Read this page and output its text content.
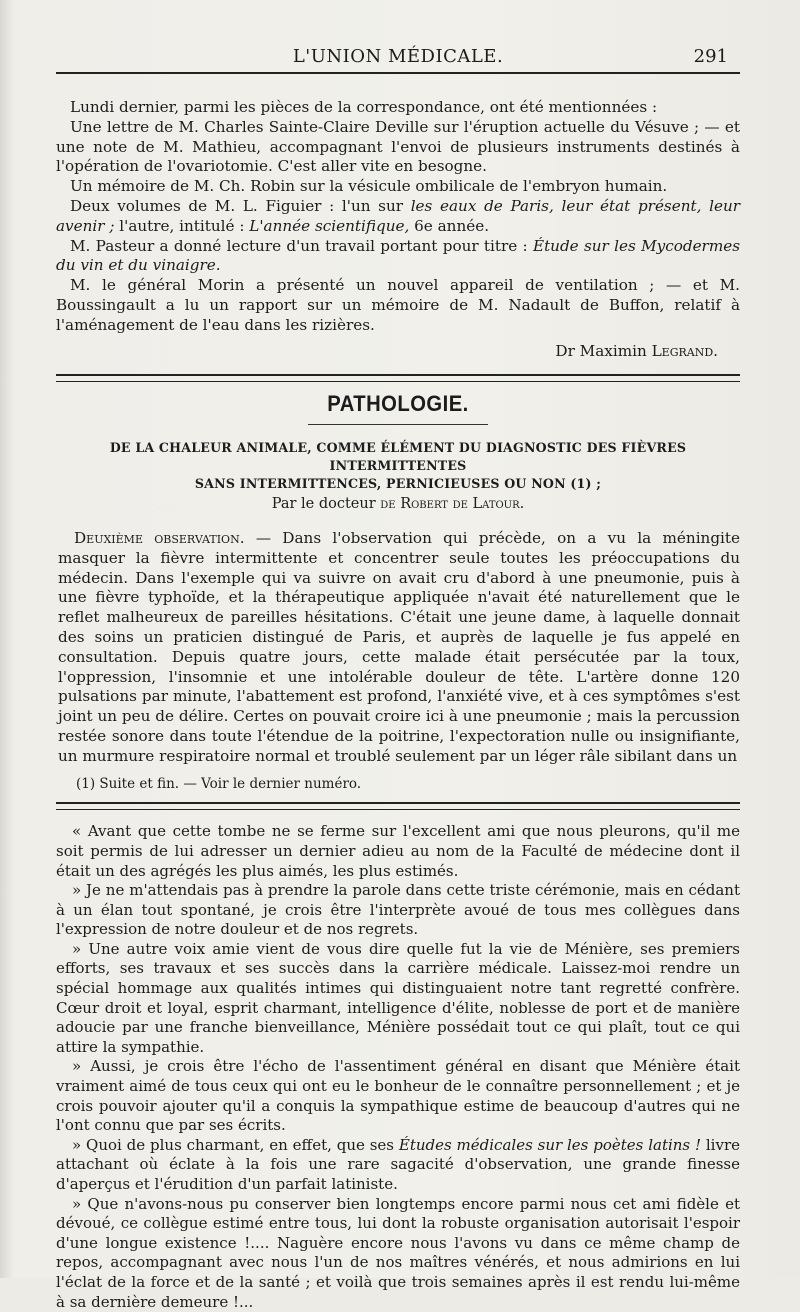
L'UNION MÉDICALE.	291

Lundi dernier, parmi les pièces de la correspondance, ont été mentionnées :

Une lettre de M. Charles Sainte-Claire Deville sur l'éruption actuelle du Vésuve ; — et une note de M. Mathieu, accompagnant l'envoi de plusieurs instruments destinés à l'opération de l'ovariotomie. C'est aller vite en besogne.

Un mémoire de M. Ch. Robin sur la vésicule ombilicale de l'embryon humain.

Deux volumes de M. L. Figuier : l'un sur les eaux de Paris, leur état présent, leur avenir ; l'autre, intitulé : L'année scientifique, 6e année.

M. Pasteur a donné lecture d'un travail portant pour titre : Étude sur les Mycodermes du vin et du vinaigre.

M. le général Morin a présenté un nouvel appareil de ventilation ; — et M. Boussingault a lu un rapport sur un mémoire de M. Nadault de Buffon, relatif à l'aménagement de l'eau dans les rizières.

Dr Maximin Legrand.

PATHOLOGIE.
DE LA CHALEUR ANIMALE, COMME ÉLÉMENT DU DIAGNOSTIC DES FIÈVRES INTERMITTENTES
SANS INTERMITTENCES, PERNICIEUSES OU NON (1) ;
Par le docteur de Robert de Latour.

Deuxième observation. — Dans l'observation qui précède, on a vu la méningite masquer la fièvre intermittente et concentrer seule toutes les préoccupations du médecin. Dans l'exemple qui va suivre on avait cru d'abord à une pneumonie, puis à une fièvre typhoïde, et la thérapeutique appliquée n'avait été naturellement que le reflet malheureux de pareilles hésitations. C'était une jeune dame, à laquelle donnait des soins un praticien distingué de Paris, et auprès de laquelle je fus appelé en consultation. Depuis quatre jours, cette malade était persécutée par la toux, l'oppression, l'insomnie et une intolérable douleur de tête. L'artère donne 120 pulsations par minute, l'abattement est profond, l'anxiété vive, et à ces symptômes s'est joint un peu de délire. Certes on pouvait croire ici à une pneumonie ; mais la percussion restée sonore dans toute l'étendue de la poitrine, l'expectoration nulle ou insignifiante, un murmure respiratoire normal et troublé seulement par un léger râle sibilant dans un

(1) Suite et fin. — Voir le dernier numéro.

« Avant que cette tombe ne se ferme sur l'excellent ami que nous pleurons, qu'il me soit permis de lui adresser un dernier adieu au nom de la Faculté de médecine dont il était un des agrégés les plus aimés, les plus estimés.

» Je ne m'attendais pas à prendre la parole dans cette triste cérémonie, mais en cédant à un élan tout spontané, je crois être l'interprète avoué de tous mes collègues dans l'expression de notre douleur et de nos regrets.

» Une autre voix amie vient de vous dire quelle fut la vie de Ménière, ses premiers efforts, ses travaux et ses succès dans la carrière médicale. Laissez-moi rendre un spécial hommage aux qualités intimes qui distinguaient notre tant regretté confrère. Cœur droit et loyal, esprit charmant, intelligence d'élite, noblesse de port et de manière adoucie par une franche bienveillance, Ménière possédait tout ce qui plaît, tout ce qui attire la sympathie.

» Aussi, je crois être l'écho de l'assentiment général en disant que Ménière était vraiment aimé de tous ceux qui ont eu le bonheur de le connaître personnellement ; et je crois pouvoir ajouter qu'il a conquis la sympathique estime de beaucoup d'autres qui ne l'ont connu que par ses écrits.

» Quoi de plus charmant, en effet, que ses Études médicales sur les poètes latins ! livre attachant où éclate à la fois une rare sagacité d'observation, une grande finesse d'aperçus et l'érudition d'un parfait latiniste.

» Que n'avons-nous pu conserver bien longtemps encore parmi nous cet ami fidèle et dévoué, ce collègue estimé entre tous, lui dont la robuste organisation autorisait l'espoir d'une longue existence !.... Naguère encore nous l'avons vu dans ce même champ de repos, accompagnant avec nous l'un de nos maîtres vénérés, et nous admirions en lui l'éclat de la force et de la santé ; et voilà que trois semaines après il est rendu lui-même à sa dernière demeure !...
